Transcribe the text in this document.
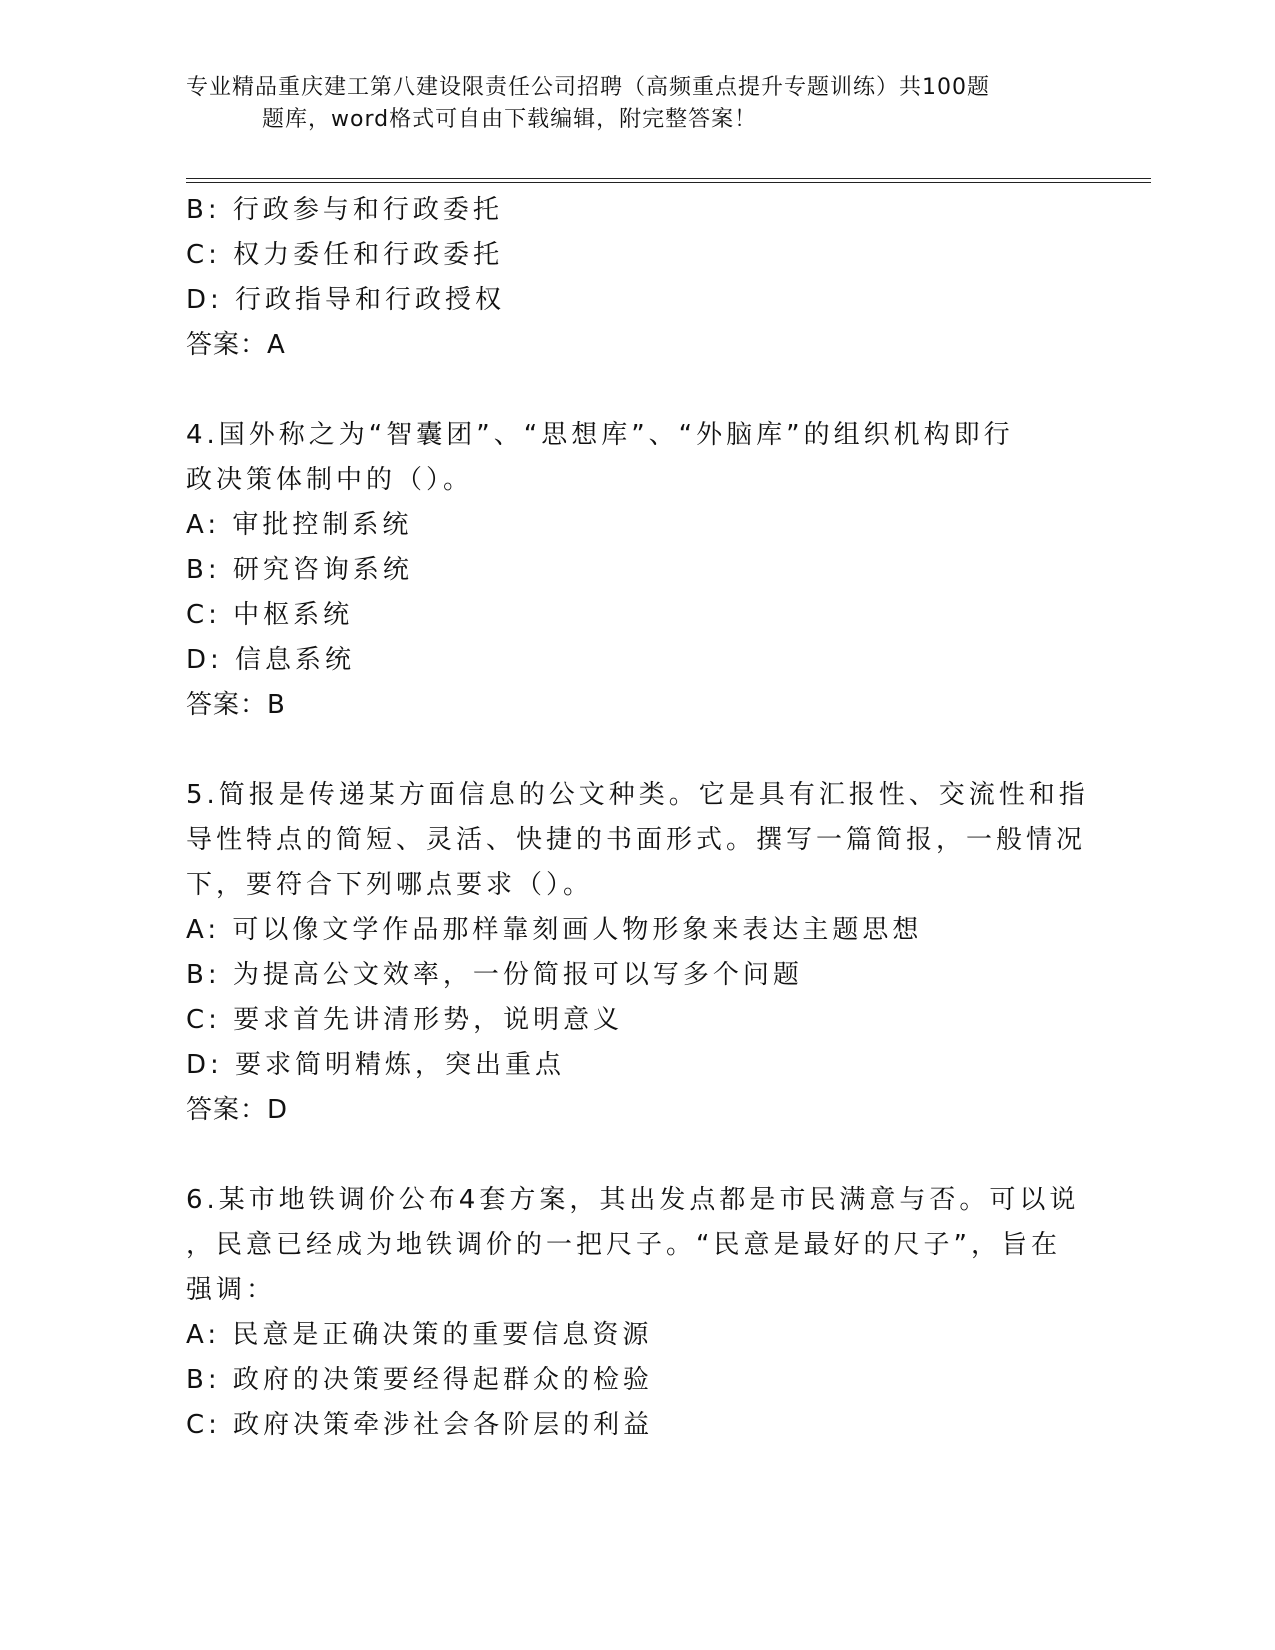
专业精品重庆建工第八建设限责任公司招聘（高频重点提升专题训练）共100题
题库，word格式可自由下载编辑，附完整答案！
B: 行政参与和行政委托
C: 权力委任和行政委托
D: 行政指导和行政授权
答案：A
4.国外称之为“智囊团”、“思想库”、“外脑库”的组织机构即行
政决策体制中的（）。
A: 审批控制系统
B: 研究咨询系统
C: 中枢系统
D: 信息系统
答案：B
5.简报是传递某方面信息的公文种类。它是具有汇报性、交流性和指
导性特点的简短、灵活、快捷的书面形式。撰写一篇简报，一般情况
下，要符合下列哪点要求（）。
A: 可以像文学作品那样靠刻画人物形象来表达主题思想
B: 为提高公文效率，一份简报可以写多个问题
C: 要求首先讲清形势，说明意义
D: 要求简明精炼，突出重点
答案：D
6.某市地铁调价公布4套方案，其出发点都是市民满意与否。可以说
，民意已经成为地铁调价的一把尺子。“民意是最好的尺子”，旨在
强调：
A: 民意是正确决策的重要信息资源
B: 政府的决策要经得起群众的检验
C: 政府决策牵涉社会各阶层的利益
